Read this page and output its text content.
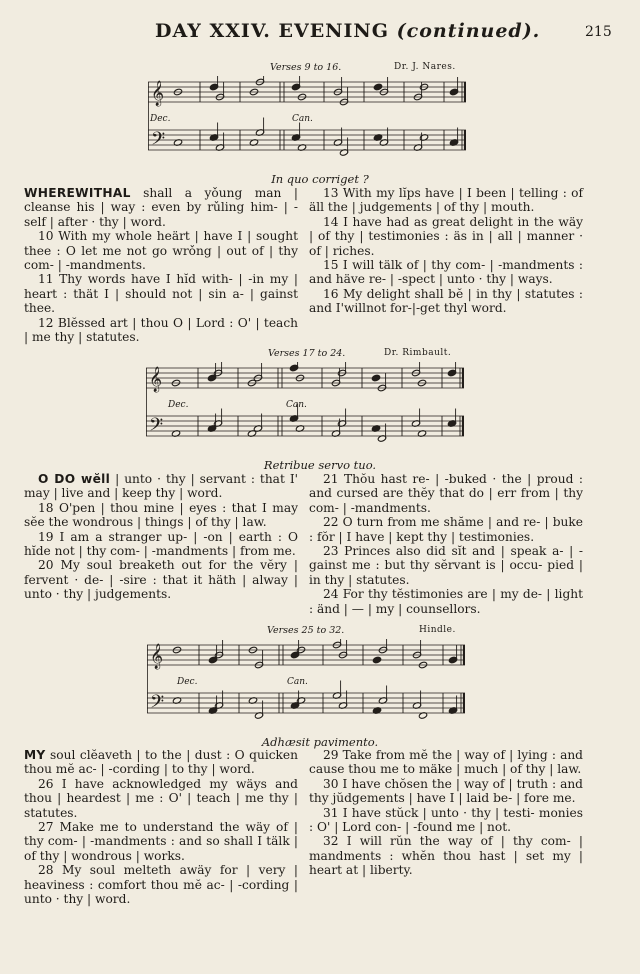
DAY XXIV. EVENING (continued).	215
Verses 9 to 16.	Dr. J. Nares.
𝄞
𝄢
Dec.	Can.
In quo corriget ?

WHEREWITHAL shall a yǒung man | cleanse his | way : even by rǔling him- | -self | after · thy | word.

10 With my whole heärt | have I | sought thee : O let me not go wrǒng | out of | thy com- | -mandments.

11 Thy words have I hĭd with- | -in my | heart : thät I | should not | sin a- | gainst thee.

12 Blĕssed art | thou O | Lord : O' | teach | me thy | statutes.

13 With my lĭps have | I been | telling : of äll the | judgements | of thy | mouth.

14 I have had as great delight in the wäy | of thy | testimonies : äs in | all | manner · of | riches.

15 I will tälk of | thy com- | -mandments : and häve re- | -spect | unto · thy | ways.

16 My delight shall bĕ | in thy | statutes : and I'willnot for-|-get thyl word.

Verses 17 to 24.	Dr. Rimbault.
𝄞
𝄢
Dec.	Can.
Retribue servo tuo.

O DO wĕll | unto · thy | servant : that I' may | live and | keep thy | word.

18 O'pen | thou mine | eyes : that I may sĕe the wondrous | things | of thy | law.

19 I am a stranger up- | -on | earth : O hĭde not | thy com- | -mandments | from me.

20 My soul breaketh out for the vĕry | fervent · de- | -sire : that it häth | alway | unto · thy | judgements.

21 Thŏu hast re- | -buked · the | proud : and cursed are thĕy that do | err from | thy com- | -mandments.

22 O turn from me shăme | and re- | buke : fŏr | I have | kept thy | testimonies.

23 Princes also did sĭt and | speak a- | -gainst me : but thy sĕrvant is | occu- pied | in thy | statutes.

24 For thy tĕstimonies are | my de- | light : änd | — | my | counsellors.

Verses 25 to 32.	Hindle.
𝄞
𝄢
Dec.	Can.
Adhæsit pavimento.

MY soul clĕaveth | to the | dust : O quicken thou mĕ ac- | -cording | to thy | word.

26 I have acknowledged my wäys and thou | heardest | me : O' | teach | me thy | statutes.

27 Make me to understand the wäy of | thy com- | -mandments : and so shall I tälk | of thy | wondrous | works.

28 My soul melteth awäy for | very | heaviness : comfort thou mĕ ac- | -cording | unto · thy | word.

29 Take from mĕ the | way of | lying : and cause thou me to mäke | much | of thy | law.

30 I have chŏsen the | way of | truth : and thy jŭdgements | have I | laid be- | fore me.

31 I have stŭck | unto · thy | testi- monies : O' | Lord con- | -found me | not.

32 I will rŭn the way of | thy com- | mandments : whĕn thou hast | set my | heart at | liberty.
